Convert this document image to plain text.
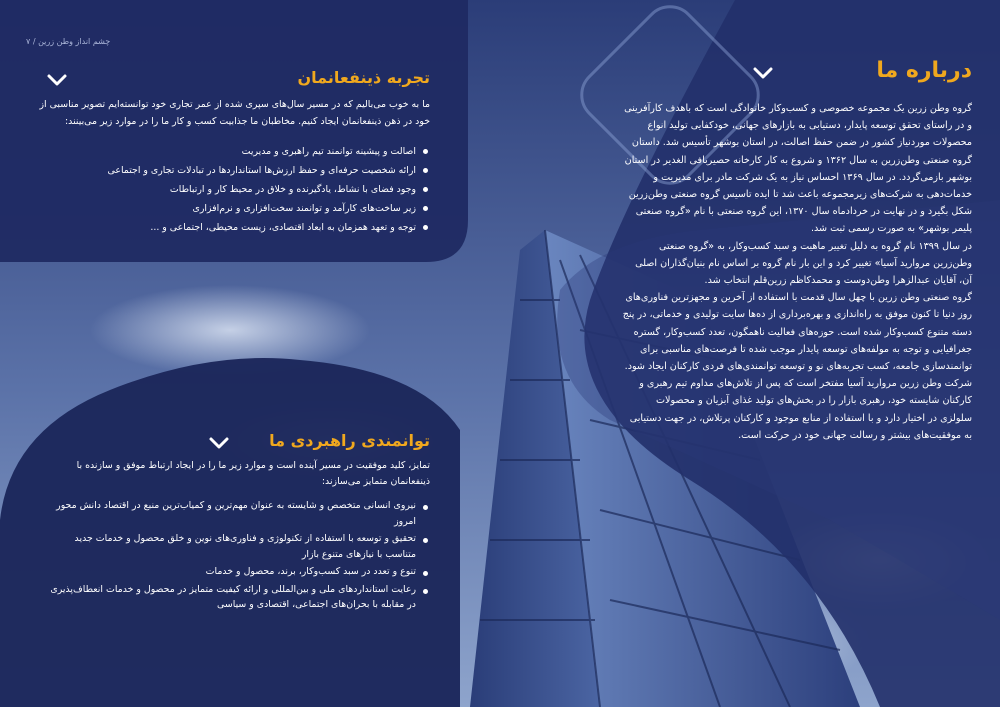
۷ / چشم انداز وطن زرین
درباره ما

گروه وطن زرین یک مجموعه خصوصی و کسب‌وکار خانوادگی است که باهدف کارآفرینی و در راستای تحقق توسعه پایدار، دستیابی به بازارهای جهانی، خودکفایی تولید انواع محصولات موردنیاز کشور در ضمن حفظ اصالت، در استان بوشهر تأسیس شد. داستان گروه صنعتی وطن‌زرین به سال ۱۳۶۲ و شروع به کار کارخانه حصیربافی الغدیر در استان بوشهر بازمی‌گردد. در سال ۱۳۶۹ احساس نیاز به یک شرکت مادر برای مدیریت و خدمات‌دهی به شرکت‌های زیرمجموعه باعث شد تا ایده تاسیس گروه صنعتی وطن‌زرین شکل بگیرد و در نهایت در خردادماه سال ۱۳۷۰، این گروه صنعتی با نام «گروه صنعتی پلیمر بوشهر» به صورت رسمی ثبت شد.

در سال ۱۳۹۹ نام گروه به دلیل تغییر ماهیت و سبد کسب‌و‌کار، به «گروه صنعتی وطن‌زرین مروارید آسیا» تغییر کرد و این بار نام گروه بر اساس نام بنیان‌گذاران اصلی آن، آقایان عبدالزهرا وطن‌دوست و محمدکاظم زرین‌قلم انتخاب شد.

گروه صنعتی وطن زرین با چهل سال قدمت با استفاده از آخرین و مجهزترین فناوری‌های روز دنیا تا کنون موفق به راه‌اندازی و بهره‌برداری از ده‌ها سایت تولیدی و خدماتی، در پنج دسته متنوع کسب‌وکار شده است. حوزه‌های فعالیت ناهمگون، تعدد کسب‌وکار، گستره جغرافیایی و توجه به مولفه‌های توسعه پایدار موجب شده تا فرصت‌های مناسبی برای توانمندسازی جامعه، کسب تجربه‌های نو و توسعه توانمندی‌های فردی کارکنان ایجاد شود.

شرکت وطن زرین مروارید آسیا مفتخر است که پس از تلاش‌های مداوم تیم رهبری و کارکنان شایسته خود، رهبری بازار را در بخش‌های تولید غذای آبزیان و محصولات سلولزی در اختیار دارد و با استفاده از منابع موجود و کارکنان پرتلاش، در جهت دستیابی به موفقیت‌های بیشتر و رسالت جهانی خود در حرکت است.

تجربه ذینفعانمان

ما به خوب می‌بالیم که در مسیر سال‌های سپری شده از عمر تجاری خود توانسته‌ایم تصویر مناسبی از خود در ذهن ذینفعانمان ایجاد کنیم. مخاطبان ما جذابیت کسب و کار ما را در موارد زیر می‌بینند:

اصالت و پیشینه توانمند تیم راهبری و مدیریت
ارائه شخصیت حرفه‌ای و حفظ ارزش‌ها استانداردها در تبادلات تجاری و اجتماعی
وجود فضای با نشاط، یادگیرنده و خلاق در محیط کار و ارتباطات
زیر ساخت‌های کارآمد و توانمند سخت‌افزاری و نرم‌افزاری
توجه و تعهد همزمان به ابعاد اقتصادی، زیست محیطی، اجتماعی و ...
توانمندی راهبردی ما

تمایز، کلید موفقیت در مسیر آینده است و موارد زیر ما را در ایجاد ارتباط موفق و سازنده با ذینفعانمان متمایز می‌سازند:

نیروی انسانی متخصص و شایسته به عنوان مهم‌ترین و کمیاب‌ترین منبع در اقتصاد دانش محور امروز
تحقیق و توسعه با استفاده از تکنولوژی و فناوری‌های نوین و خلق محصول و خدمات جدید متناسب با نیازهای متنوع بازار
تنوع و تعدد در سبد کسب‌وکار، برند، محصول و خدمات
رعایت استانداردهای ملی و بین‌المللی و ارائه کیفیت متمایز در محصول و خدمات انعطاف‌پذیری در مقابله با بحران‌های اجتماعی، اقتصادی و سیاسی
